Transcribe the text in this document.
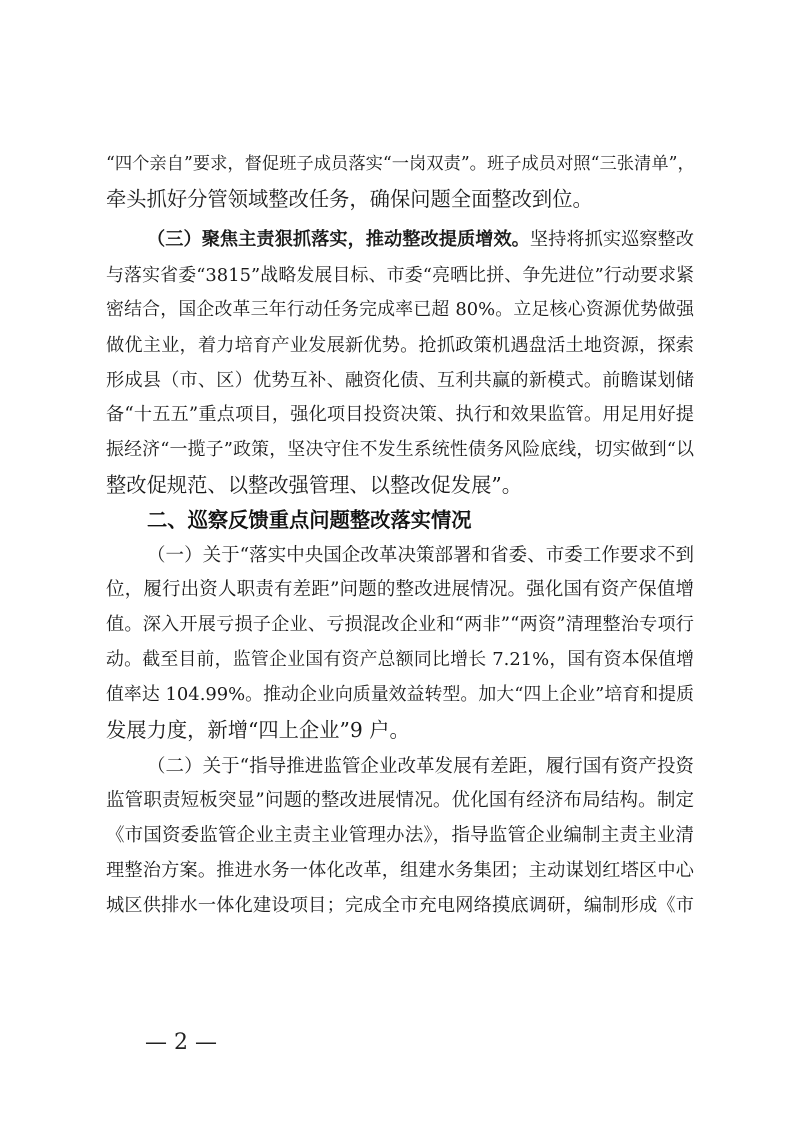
“四个亲自”要求，督促班子成员落实“一岗双责”。班子成员对照“三张清单”，
牵头抓好分管领域整改任务，确保问题全面整改到位。
（三）聚焦主责狠抓落实，推动整改提质增效。坚持将抓实巡察整改
与落实省委“3815”战略发展目标、市委“亮晒比拼、争先进位”行动要求紧
密结合，国企改革三年行动任务完成率已超 80%。立足核心资源优势做强
做优主业，着力培育产业发展新优势。抢抓政策机遇盘活土地资源，探索
形成县（市、区）优势互补、融资化债、互利共赢的新模式。前瞻谋划储
备“十五五”重点项目，强化项目投资决策、执行和效果监管。用足用好提
振经济“一揽子”政策，坚决守住不发生系统性债务风险底线，切实做到“以
整改促规范、以整改强管理、以整改促发展”。
二、巡察反馈重点问题整改落实情况
（一）关于“落实中央国企改革决策部署和省委、市委工作要求不到
位，履行出资人职责有差距”问题的整改进展情况。强化国有资产保值增
值。深入开展亏损子企业、亏损混改企业和“两非”“两资”清理整治专项行
动。截至目前，监管企业国有资产总额同比增长 7.21%，国有资本保值增
值率达 104.99%。推动企业向质量效益转型。加大“四上企业”培育和提质
发展力度，新增“四上企业”9 户。
（二）关于“指导推进监管企业改革发展有差距，履行国有资产投资
监管职责短板突显”问题的整改进展情况。优化国有经济布局结构。制定
《市国资委监管企业主责主业管理办法》，指导监管企业编制主责主业清
理整治方案。推进水务一体化改革，组建水务集团；主动谋划红塔区中心
城区供排水一体化建设项目；完成全市充电网络摸底调研，编制形成《市
— 2 —
